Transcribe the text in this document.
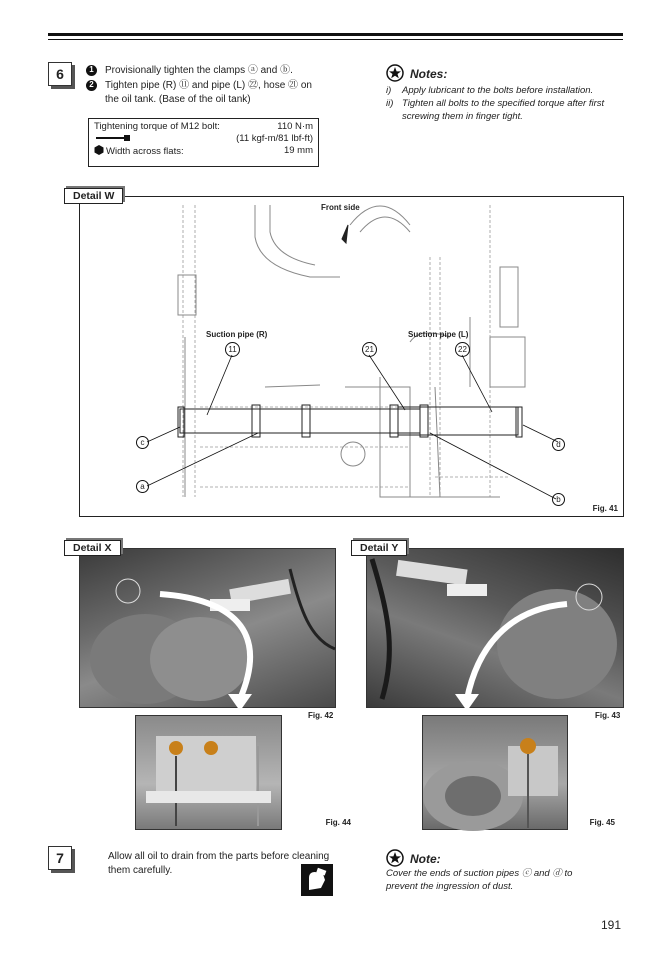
6	1 Provisionally tighten the clamps ⓐ and ⓑ.
2 Tighten pipe (R) ⑪ and pipe (L) ㉒, hose ㉑ on
the oil tank. (Base of the oil tank)
Tightening torque of M12 bolt:	110 N·m
(11 kgf-m/81 lbf-ft)
Width across flats:	19 mm
Notes:
i) Apply lubricant to the bolts before installation.
ii) Tighten all bolts to the specified torque after first
screwing them in finger tight.
Front side
Suction pipe (R)	Suction pipe (L)
11	21	22
c
a
b
d
Fig. 41
Detail W
Detail X
Fig. 42
Detail Y
Fig. 43
Fig. 44	Fig. 45
7	Allow all oil to drain from the parts before cleaning
them carefully.
Note:
Cover the ends of suction pipes ⓒ and ⓓ to
prevent the ingression of dust.
191
